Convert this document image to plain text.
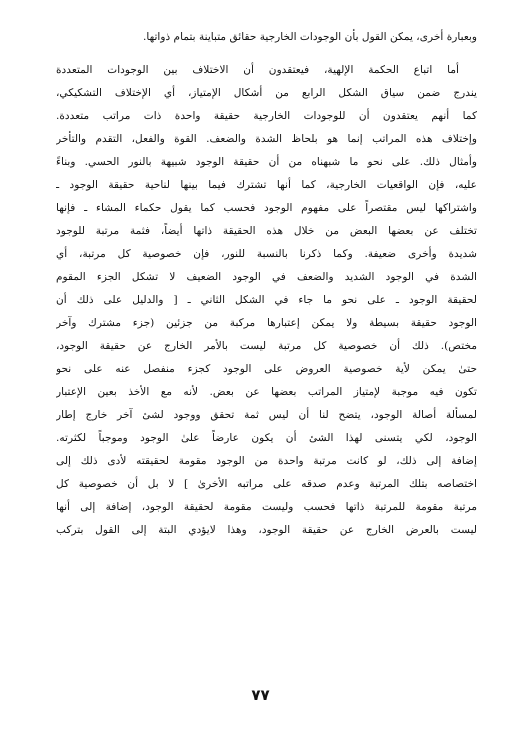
وبعبارة أخرى، يمكن القول بأن الوجودات الخارجية حقائق متباينة بتمام ذواتها.

أما اتباع الحكمة الإلهية، فيعتقدون أن الاختلاف بين الوجودات المتعددة
يندرج ضمن سياق الشكل الرابع من أشكال الإمتياز، أي الإختلاف التشكيكي،
كما أنهم يعتقدون أن للوجودات الخارجية حقيقة واحدة ذات مراتب متعددة.
وإختلاف هذه المراتب إنما هو بلحاظ الشدة والضعف. القوة والفعل، التقدم والتأخر
وأمثال ذلك. على نحو ما شبهناه من أن حقيقة الوجود شبيهة بالنور الحسي. وبناءً
عليه، فإن الواقعيات الخارجية، كما أنها تشترك فيما بينها لناحية حقيقة الوجود ـ
واشتراكها ليس مقتصراً على مفهوم الوجود فحسب كما يقول حكماء المشاء ـ فإنها
تختلف عن بعضها البعض من خلال هذه الحقيقة ذاتها أيضاً، فثمة مرتبة للوجود
شديدة وأخرى ضعيفة. وكما ذكرنا بالنسبة للنور، فإن خصوصية كل مرتبة، أي
الشدة في الوجود الشديد والضعف في الوجود الضعيف لا تشكل الجزء المقوم
لحقيقة الوجود ـ على نحو ما جاء في الشكل الثاني ـ [ والدليل على ذلك أن
الوجود حقيقة بسيطة ولا يمكن إعتبارها مركبة من جزئين (جزء مشترك وآخر
مختص). ذلك أن خصوصية كل مرتبة ليست بالأمر الخارج عن حقيقة الوجود،
حتىٰ يمكن لأية خصوصية العروض على الوجود كجزء منفصل عنه على نحو
تكون فيه موجبة لإمتياز المراتب بعضها عن بعض. لأنه مع الأخذ بعين الإعتبار
لمسألة أصالة الوجود، يتضح لنا أن ليس ثمة تحقق ووجود لشئ آخر خارج إطار
الوجود، لكي يتسنى لهذا الشئ أن يكون عارضاً علىٰ الوجود وموجباً لكثرته.
إضافة إلى ذلك، لو كانت مرتبة واحدة من الوجود مقومة لحقيقته لأدى ذلك إلى
اختصاصه بتلك المرتبة وعدم صدقه على مراتبه الأخرىٰ ] لا بل أن خصوصية كل
مرتبة مقومة للمرتبة ذاتها فحسب وليست مقومة لحقيقة الوجود، إضافة إلى أنها
ليست بالعرض الخارج عن حقيقة الوجود، وهذا لايؤدي البتة إلى القول بتركب

٧٧
